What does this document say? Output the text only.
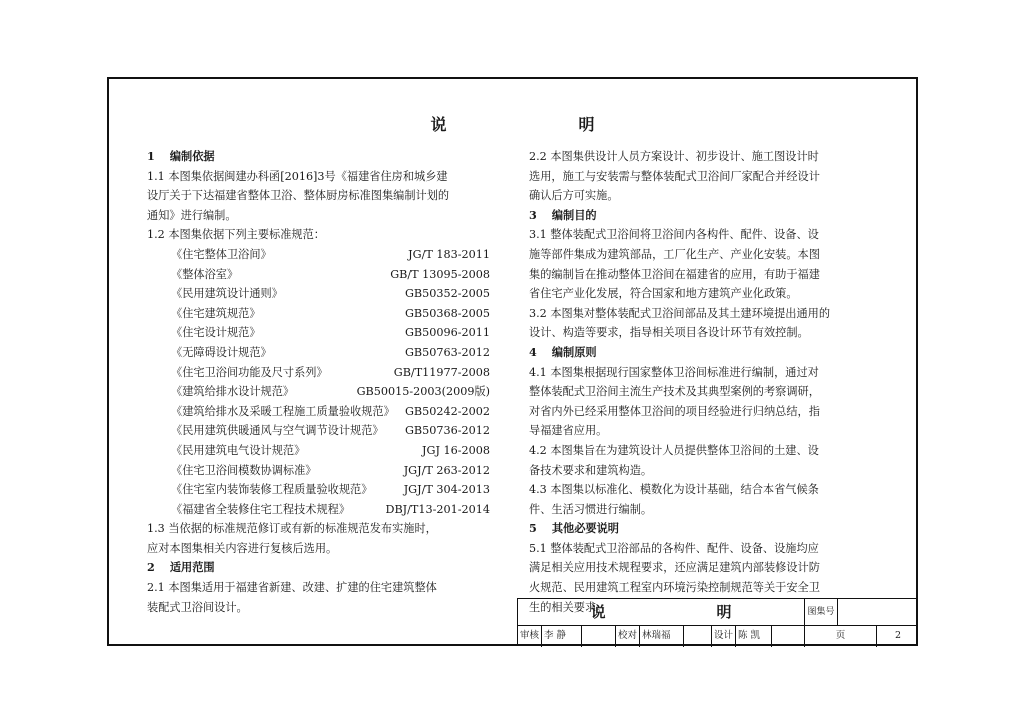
说　明
1　 编制依据
1.1 本图集依据闽建办科函[2016]3号《福建省住房和城乡建
设厅关于下达福建省整体卫浴、整体厨房标准图集编制计划的
通知》进行编制。
1.2 本图集依据下列主要标准规范：
《住宅整体卫浴间》	JG/T 183-2011
《整体浴室》	GB/T 13095-2008
《民用建筑设计通则》	GB50352-2005
《住宅建筑规范》	GB50368-2005
《住宅设计规范》	GB50096-2011
《无障碍设计规范》	GB50763-2012
《住宅卫浴间功能及尺寸系列》	GB/T11977-2008
《建筑给排水设计规范》	GB50015-2003(2009版)
《建筑给排水及采暖工程施工质量验收规范》 GB50242-2002
《民用建筑供暖通风与空气调节设计规范》 GB50736-2012
《民用建筑电气设计规范》	JGJ 16-2008
《住宅卫浴间模数协调标准》	JGJ/T 263-2012
《住宅室内装饰装修工程质量验收规范》	JGJ/T 304-2013
《福建省全装修住宅工程技术规程》	DBJ/T13-201-2014
1.3 当依据的标准规范修订或有新的标准规范发布实施时，
应对本图集相关内容进行复核后选用。
2　 适用范围
2.1 本图集适用于福建省新建、改建、扩建的住宅建筑整体
装配式卫浴间设计。
2.2 本图集供设计人员方案设计、初步设计、施工图设计时
选用，施工与安装需与整体装配式卫浴间厂家配合并经设计
确认后方可实施。
3　 编制目的
3.1 整体装配式卫浴间将卫浴间内各构件、配件、设备、设
施等部件集成为建筑部品，工厂化生产、产业化安装。本图
集的编制旨在推动整体卫浴间在福建省的应用，有助于福建
省住宅产业化发展，符合国家和地方建筑产业化政策。
3.2 本图集对整体装配式卫浴间部品及其土建环境提出通用的
设计、构造等要求，指导相关项目各设计环节有效控制。
4　 编制原则
4.1 本图集根据现行国家整体卫浴间标准进行编制，通过对
整体装配式卫浴间主流生产技术及其典型案例的考察调研，
对省内外已经采用整体卫浴间的项目经验进行归纳总结，指
导福建省应用。
4.2 本图集旨在为建筑设计人员提供整体卫浴间的土建、设
备技术要求和建筑构造。
4.3 本图集以标准化、模数化为设计基础，结合本省气候条
件、生活习惯进行编制。
5　 其他必要说明
5.1 整体装配式卫浴部品的各构件、配件、设备、设施均应
满足相关应用技术规程要求，还应满足建筑内部装修设计防
火规范、民用建筑工程室内环境污染控制规范等关于安全卫
生的相关要求。
说　明	图集号
审核 李 静	校对 林瑞福	设计 陈 凯	页	2
